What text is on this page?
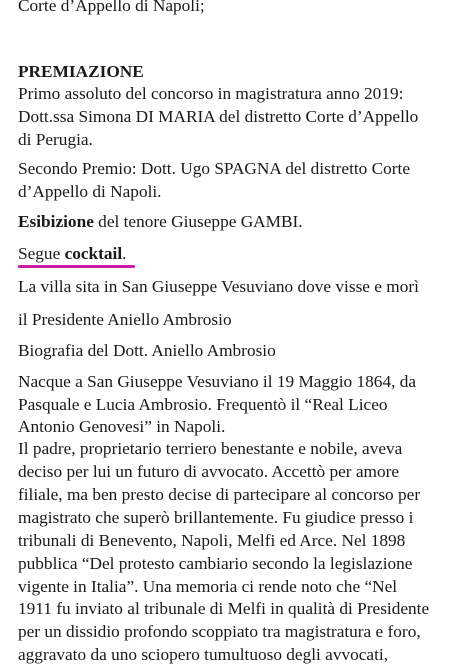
Corte d’Appello di Napoli;
PREMIAZIONE
Primo assoluto del concorso in magistratura anno 2019:
Dott.ssa Simona DI MARIA del distretto Corte d’Appello
di Perugia.
Secondo Premio: Dott. Ugo SPAGNA del distretto Corte
d’Appello di Napoli.
Esibizione del tenore Giuseppe GAMBI.
Segue cocktail.
La villa sita in San Giuseppe Vesuviano dove visse e morì
il Presidente Aniello Ambrosio
Biografia del Dott. Aniello Ambrosio
Nacque a San Giuseppe Vesuviano il 19 Maggio 1864, da
Pasquale e Lucia Ambrosio. Frequentò il “Real Liceo
Antonio Genovesi” in Napoli.
Il padre, proprietario terriero benestante e nobile, aveva
deciso per lui un futuro di avvocato. Accettò per amore
filiale, ma ben presto decise di partecipare al concorso per
magistrato che superò brillantemente. Fu giudice presso i
tribunali di Benevento, Napoli, Melfi ed Arce. Nel 1898
pubblica “Del protesto cambiario secondo la legislazione
vigente in Italia”. Una memoria ci rende noto che “Nel
1911 fu inviato al tribunale di Melfi in qualità di Presidente
per un dissidio profondo scoppiato tra magistratura e foro,
aggravato da uno sciopero tumultuoso degli avvocati,
